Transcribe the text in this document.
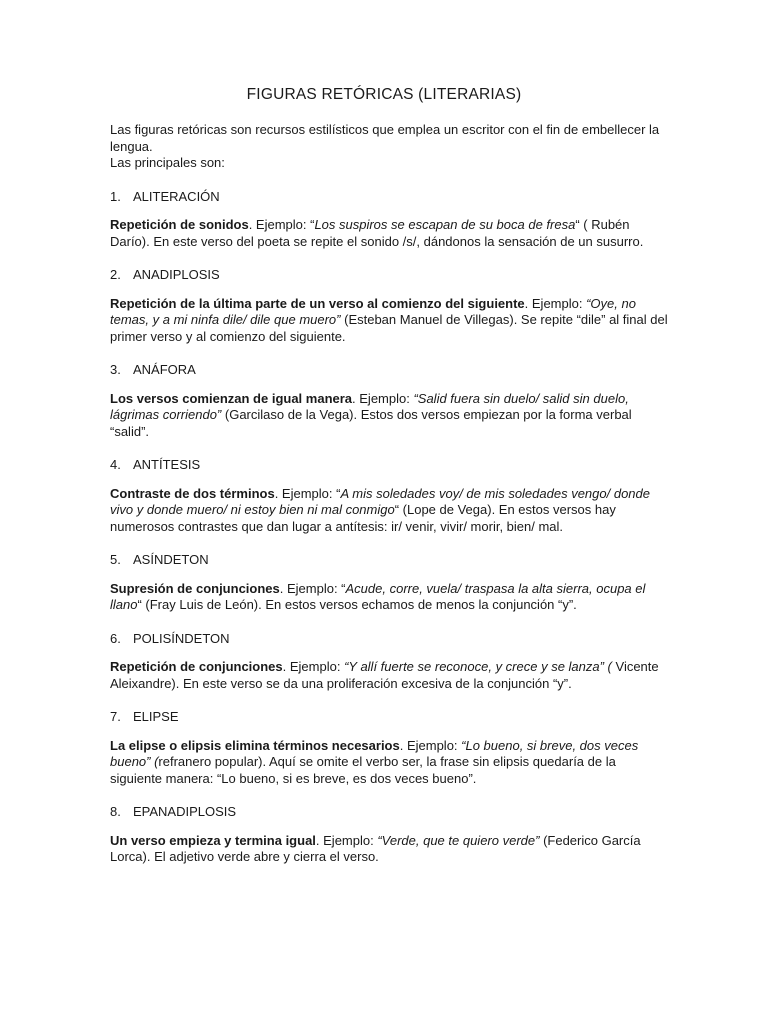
FIGURAS RETÓRICAS (LITERARIAS)

Las figuras retóricas son recursos estilísticos que emplea un escritor con el fin de embellecer la lengua.

Las principales son:

1. ALITERACIÓN

Repetición de sonidos. Ejemplo: “Los suspiros se escapan de su boca de fresa“ ( Rubén Darío). En este verso del poeta se repite el sonido /s/, dándonos la sensación de un susurro.

2. ANADIPLOSIS

Repetición de la última parte de un verso al comienzo del siguiente. Ejemplo: “Oye, no temas, y a mi ninfa dile/ dile que muero” (Esteban Manuel de Villegas). Se repite “dile” al final del primer verso y al comienzo del siguiente.

3. ANÁFORA

Los versos comienzan de igual manera. Ejemplo: “Salid fuera sin duelo/ salid sin duelo, lágrimas corriendo” (Garcilaso de la Vega). Estos dos versos empiezan por la forma verbal “salid”.

4. ANTÍTESIS

Contraste de dos términos. Ejemplo: “A mis soledades voy/ de mis soledades vengo/ donde vivo y donde muero/ ni estoy bien ni mal conmigo“ (Lope de Vega). En estos versos hay numerosos contrastes que dan lugar a antítesis: ir/ venir, vivir/ morir, bien/ mal.

5. ASÍNDETON

Supresión de conjunciones. Ejemplo: “Acude, corre, vuela/ traspasa la alta sierra, ocupa el llano“ (Fray Luis de León). En estos versos echamos de menos la conjunción “y”.

6. POLISÍNDETON

Repetición de conjunciones. Ejemplo: “Y allí fuerte se reconoce, y crece y se lanza” ( Vicente Aleixandre). En este verso se da una proliferación excesiva de la conjunción “y”.

7. ELIPSE

La elipse o elipsis elimina términos necesarios. Ejemplo: “Lo bueno, si breve, dos veces bueno” (refranero popular). Aquí se omite el verbo ser, la frase sin elipsis quedaría de la siguiente manera: “Lo bueno, si es breve, es dos veces bueno”.

8. EPANADIPLOSIS

Un verso empieza y termina igual. Ejemplo: “Verde, que te quiero verde” (Federico García Lorca). El adjetivo verde abre y cierra el verso.
